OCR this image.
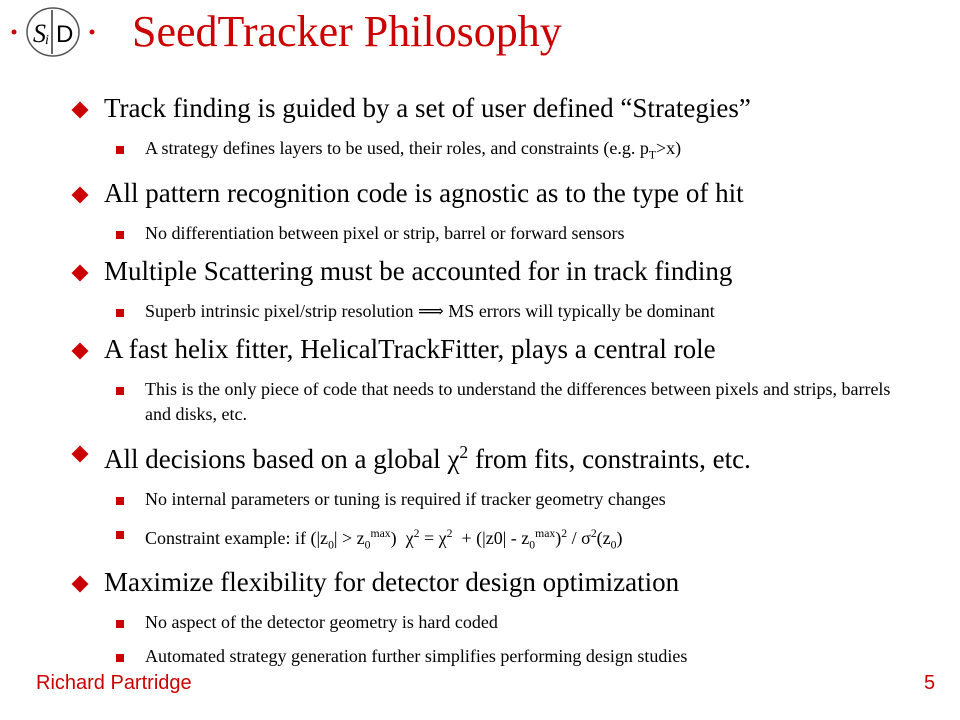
S i D SeedTracker Philosophy
Track finding is guided by a set of user defined “Strategies”
A strategy defines layers to be used, their roles, and constraints (e.g. $p_T>x$)
All pattern recognition code is agnostic as to the type of hit
No differentiation between pixel or strip, barrel or forward sensors
Multiple Scattering must be accounted for in track finding
Superb intrinsic pixel/strip resolution ⟹ MS errors will typically be dominant
A fast helix fitter, HelicalTrackFitter, plays a central role
This is the only piece of code that needs to understand the differences between pixels and strips, barrels and disks, etc.
All decisions based on a global $\chi^2$ from fits, constraints, etc.
No internal parameters or tuning is required if tracker geometry changes
Constraint example: if $(|z_0| > z_0^{max}) \chi^2 = \chi^2 + (|z0| - z_0^{max})^2 / \sigma^2(z_0)$
Maximize flexibility for detector design optimization
No aspect of the detector geometry is hard coded
Automated strategy generation further simplifies performing design studies
Richard Partridge	5
